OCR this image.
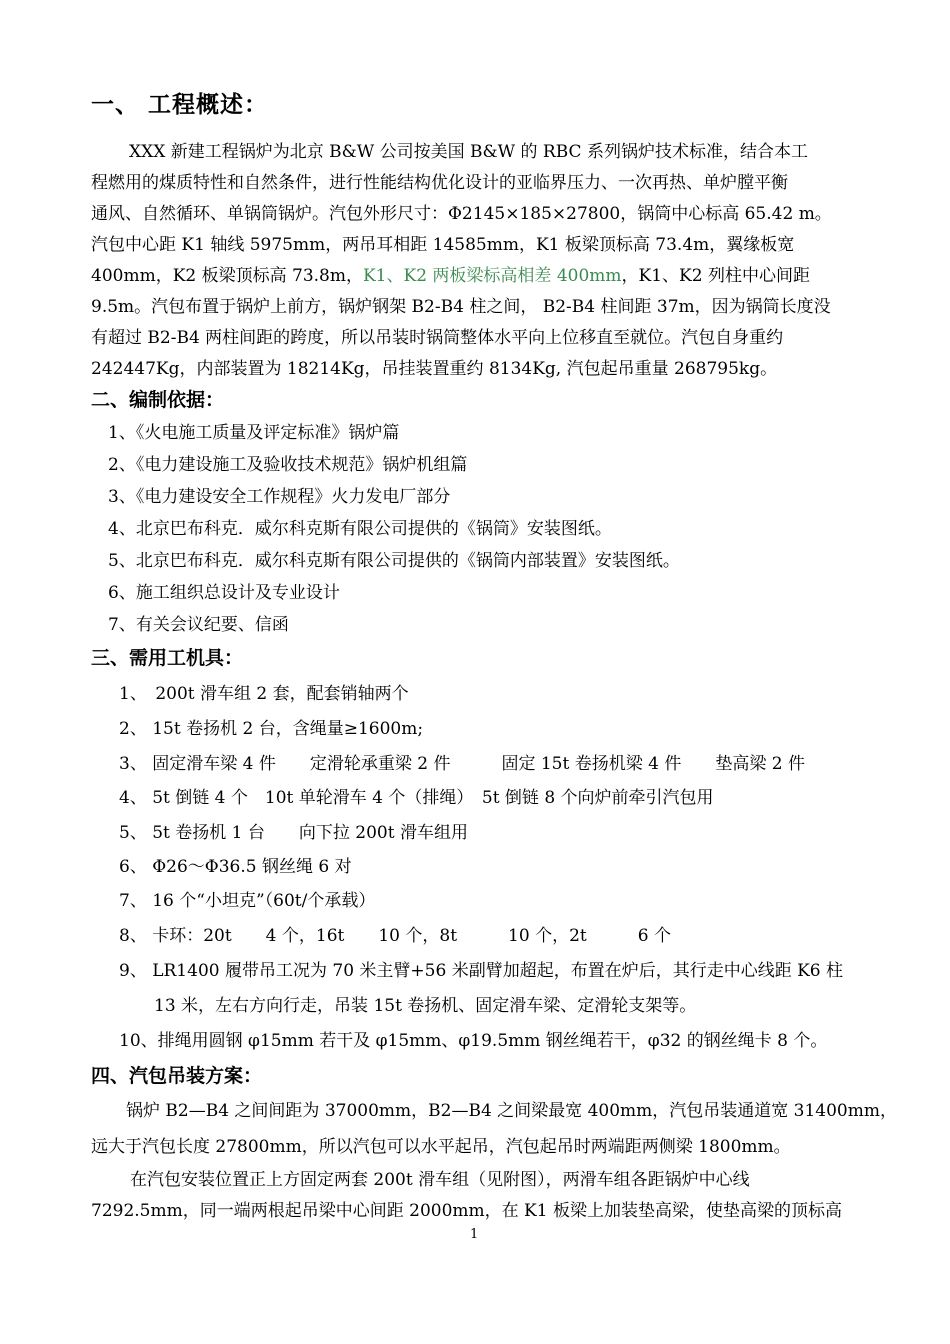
一、 工程概述：
XXX 新建工程锅炉为北京 B&W 公司按美国 B&W 的 RBC 系列锅炉技术标准，结合本工
程燃用的煤质特性和自然条件，进行性能结构优化设计的亚临界压力、一次再热、单炉膛平衡
通风、自然循环、单锅筒锅炉。汽包外形尺寸：Φ2145×185×27800，锅筒中心标高 65.42 m。
汽包中心距 K1 轴线 5975mm，两吊耳相距 14585mm，K1 板梁顶标高 73.4m，翼缘板宽
400mm，K2 板梁顶标高 73.8m，K1、K2 两板梁标高相差 400mm，K1、K2 列柱中心间距
9.5m。汽包布置于锅炉上前方，锅炉钢架 B2-B4 柱之间， B2-B4 柱间距 37m，因为锅筒长度没
有超过 B2-B4 两柱间距的跨度，所以吊装时锅筒整体水平向上位移直至就位。汽包自身重约
242447Kg，内部装置为 18214Kg，吊挂装置重约 8134Kg, 汽包起吊重量 268795kg。
二、编制依据：
1、《火电施工质量及评定标准》锅炉篇
2、《电力建设施工及验收技术规范》锅炉机组篇
3、《电力建设安全工作规程》火力发电厂部分
4、北京巴布科克．威尔科克斯有限公司提供的《锅筒》安装图纸。
5、北京巴布科克．威尔科克斯有限公司提供的《锅筒内部装置》安装图纸。
6、施工组织总设计及专业设计
7、有关会议纪要、信函
三、需用工机具：
1、　200t 滑车组 2 套，配套销轴两个
2、 15t 卷扬机 2 台，含绳量≥1600m;
3、 固定滑车梁 4 件　　定滑轮承重梁 2 件　　　固定 15t 卷扬机梁 4 件　　垫高梁 2 件
4、 5t 倒链 4 个　10t 单轮滑车 4 个（排绳）　5t 倒链 8 个向炉前牵引汽包用
5、 5t 卷扬机 1 台　　向下拉 200t 滑车组用
6、 Φ26～Φ36.5 钢丝绳 6 对
7、 16 个“小坦克”（60t/个承载）
8、 卡环：20t　　4 个，16t　　10 个，8t　　　10 个，2t　　　6 个
9、 LR1400 履带吊工况为 70 米主臂+56 米副臂加超起，布置在炉后，其行走中心线距 K6 柱
13 米，左右方向行走，吊装 15t 卷扬机、固定滑车梁、定滑轮支架等。
10、排绳用圆钢 φ15mm 若干及 φ15mm、φ19.5mm 钢丝绳若干，φ32 的钢丝绳卡 8 个。
四、汽包吊装方案：
锅炉 B2—B4 之间间距为 37000mm，B2—B4 之间梁最宽 400mm，汽包吊装通道宽 31400mm，
远大于汽包长度 27800mm，所以汽包可以水平起吊，汽包起吊时两端距两侧梁 1800mm。
在汽包安装位置正上方固定两套 200t 滑车组（见附图），两滑车组各距锅炉中心线
7292.5mm，同一端两根起吊梁中心间距 2000mm，在 K1 板梁上加装垫高梁，使垫高梁的顶标高
1
